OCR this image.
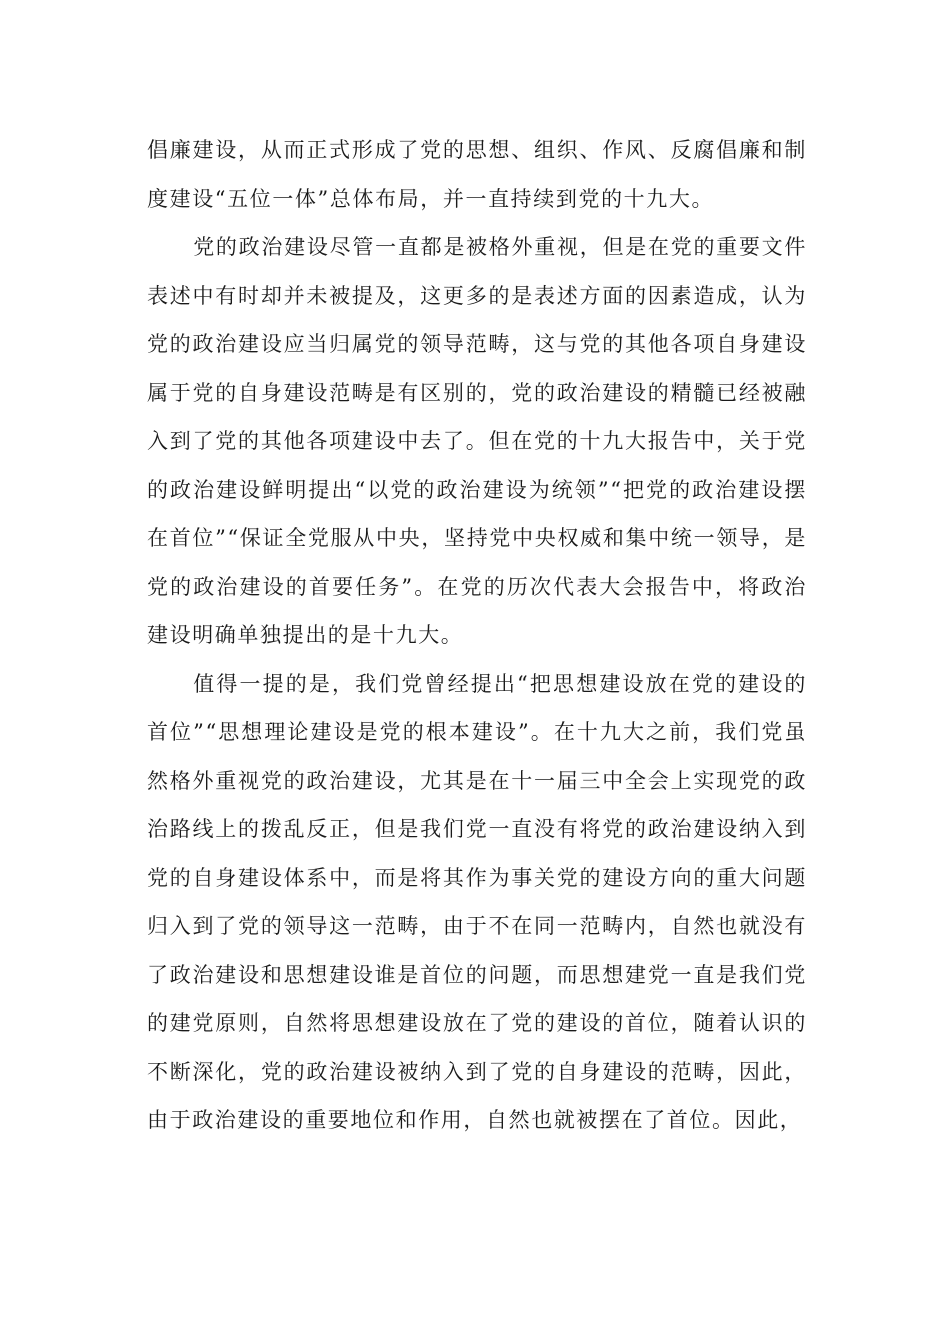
倡廉建设，从而正式形成了党的思想、组织、作风、反腐倡廉和制度建设“五位一体”总体布局，并一直持续到党的十九大。

党的政治建设尽管一直都是被格外重视，但是在党的重要文件表述中有时却并未被提及，这更多的是表述方面的因素造成，认为党的政治建设应当归属党的领导范畴，这与党的其他各项自身建设属于党的自身建设范畴是有区别的，党的政治建设的精髓已经被融入到了党的其他各项建设中去了。但在党的十九大报告中，关于党的政治建设鲜明提出“以党的政治建设为统领”“把党的政治建设摆在首位”“保证全党服从中央，坚持党中央权威和集中统一领导，是党的政治建设的首要任务”。在党的历次代表大会报告中，将政治建设明确单独提出的是十九大。

值得一提的是，我们党曾经提出“把思想建设放在党的建设的首位”“思想理论建设是党的根本建设”。在十九大之前，我们党虽然格外重视党的政治建设，尤其是在十一届三中全会上实现党的政治路线上的拨乱反正，但是我们党一直没有将党的政治建设纳入到党的自身建设体系中，而是将其作为事关党的建设方向的重大问题归入到了党的领导这一范畴，由于不在同一范畴内，自然也就没有了政治建设和思想建设谁是首位的问题，而思想建党一直是我们党的建党原则，自然将思想建设放在了党的建设的首位，随着认识的不断深化，党的政治建设被纳入到了党的自身建设的范畴，因此，由于政治建设的重要地位和作用，自然也就被摆在了首位。因此，
